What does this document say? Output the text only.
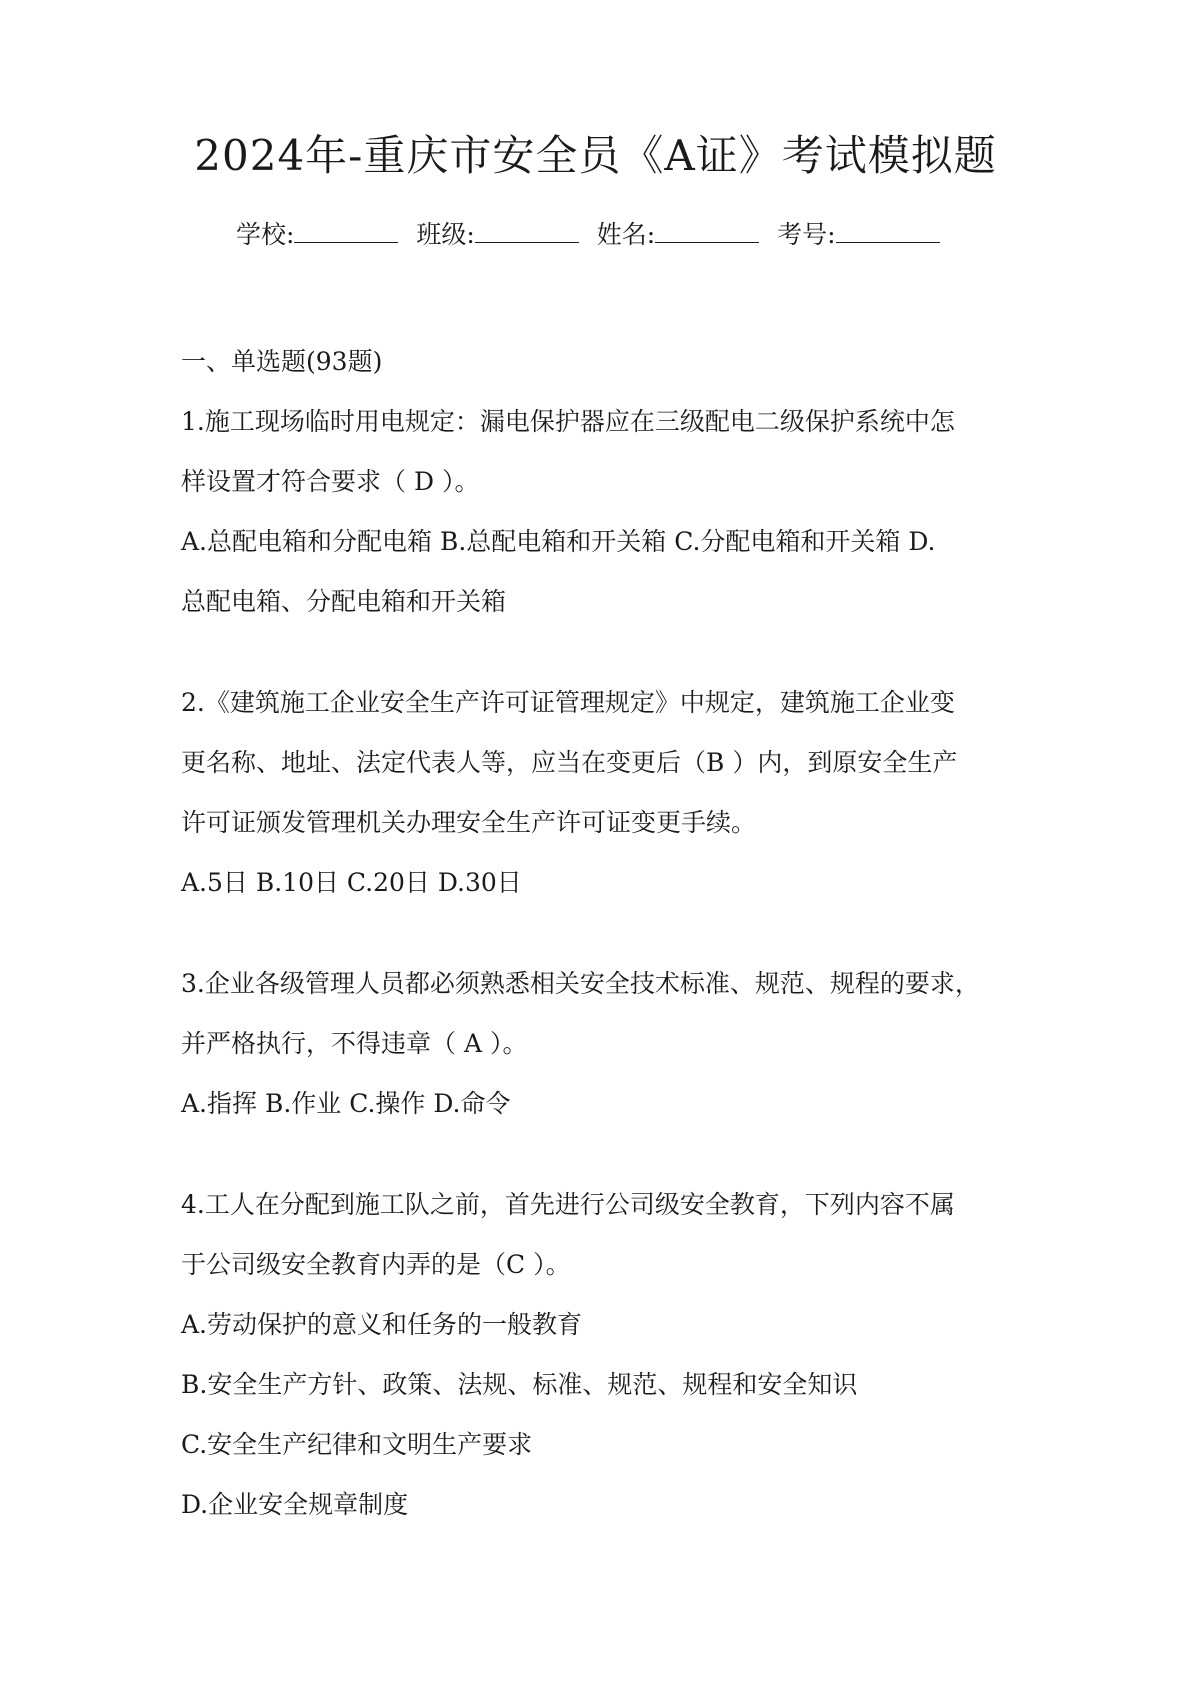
2024年-重庆市安全员《A证》考试模拟题
学校:	班级:	姓名:	考号:
一、单选题(93题)
1.施工现场临时用电规定：漏电保护器应在三级配电二级保护系统中怎
样设置才符合要求（ D ）。
A.总配电箱和分配电箱 B.总配电箱和开关箱 C.分配电箱和开关箱 D.
总配电箱、分配电箱和开关箱
2.《建筑施工企业安全生产许可证管理规定》中规定，建筑施工企业变
更名称、地址、法定代表人等，应当在变更后（B ）内，到原安全生产
许可证颁发管理机关办理安全生产许可证变更手续。
A.5日 B.10日 C.20日 D.30日
3.企业各级管理人员都必须熟悉相关安全技术标准、规范、规程的要求，
并严格执行，不得违章（ A ）。
A.指挥 B.作业 C.操作 D.命令
4.工人在分配到施工队之前，首先进行公司级安全教育，下列内容不属
于公司级安全教育内弄的是（C ）。
A.劳动保护的意义和任务的一般教育
B.安全生产方针、政策、法规、标准、规范、规程和安全知识
C.安全生产纪律和文明生产要求
D.企业安全规章制度
